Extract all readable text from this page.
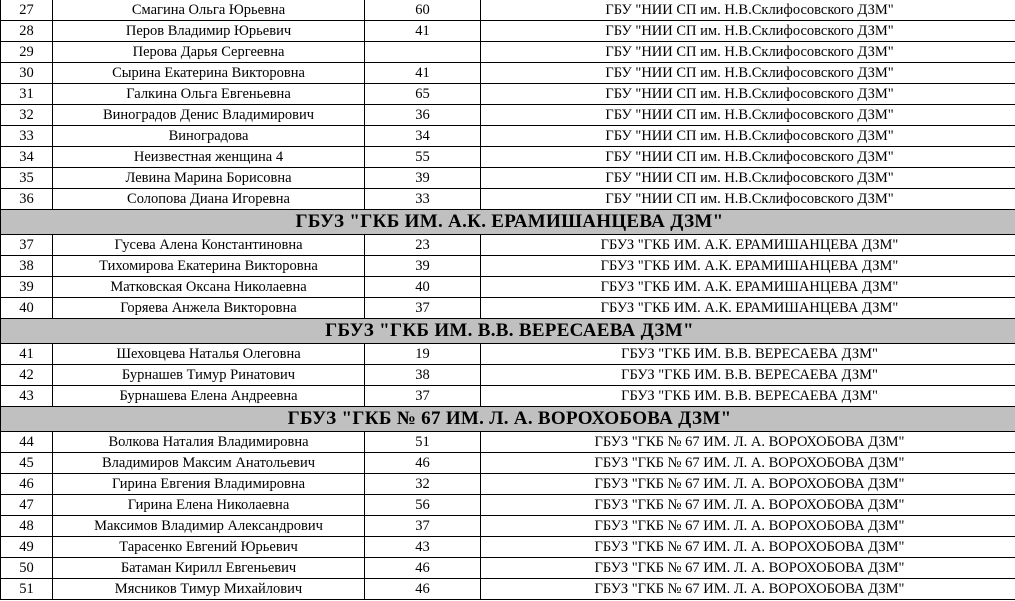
27	Смагина Ольга Юрьевна	60	ГБУ "НИИ СП им. Н.В.Склифосовского ДЗМ"
28	Перов Владимир Юрьевич	41	ГБУ "НИИ СП им. Н.В.Склифосовского ДЗМ"
29	Перова Дарья Сергеевна		ГБУ "НИИ СП им. Н.В.Склифосовского ДЗМ"
30	Сырина Екатерина Викторовна	41	ГБУ "НИИ СП им. Н.В.Склифосовского ДЗМ"
31	Галкина Ольга Евгеньевна	65	ГБУ "НИИ СП им. Н.В.Склифосовского ДЗМ"
32	Виноградов Денис Владимирович	36	ГБУ "НИИ СП им. Н.В.Склифосовского ДЗМ"
33	Виноградова	34	ГБУ "НИИ СП им. Н.В.Склифосовского ДЗМ"
34	Неизвестная женщина 4	55	ГБУ "НИИ СП им. Н.В.Склифосовского ДЗМ"
35	Левина Марина Борисовна	39	ГБУ "НИИ СП им. Н.В.Склифосовского ДЗМ"
36	Солопова Диана Игоревна	33	ГБУ "НИИ СП им. Н.В.Склифосовского ДЗМ"
ГБУЗ "ГКБ ИМ. А.К. ЕРАМИШАНЦЕВА ДЗМ"			
37	Гусева Алена Константиновна	23	ГБУЗ "ГКБ ИМ. А.К. ЕРАМИШАНЦЕВА ДЗМ"
38	Тихомирова Екатерина Викторовна	39	ГБУЗ "ГКБ ИМ. А.К. ЕРАМИШАНЦЕВА ДЗМ"
39	Матковская Оксана Николаевна	40	ГБУЗ "ГКБ ИМ. А.К. ЕРАМИШАНЦЕВА ДЗМ"
40	Горяева Анжела Викторовна	37	ГБУЗ "ГКБ ИМ. А.К. ЕРАМИШАНЦЕВА ДЗМ"
ГБУЗ "ГКБ ИМ. В.В. ВЕРЕСАЕВА ДЗМ"			
41	Шеховцева Наталья Олеговна	19	ГБУЗ "ГКБ ИМ. В.В. ВЕРЕСАЕВА ДЗМ"
42	Бурнашев Тимур Ринатович	38	ГБУЗ "ГКБ ИМ. В.В. ВЕРЕСАЕВА ДЗМ"
43	Бурнашева Елена Андреевна	37	ГБУЗ "ГКБ ИМ. В.В. ВЕРЕСАЕВА ДЗМ"
ГБУЗ "ГКБ № 67 ИМ. Л. А. ВОРОХОБОВА ДЗМ"			
44	Волкова Наталия Владимировна	51	ГБУЗ "ГКБ № 67 ИМ. Л. А. ВОРОХОБОВА ДЗМ"
45	Владимиров Максим Анатольевич	46	ГБУЗ "ГКБ № 67 ИМ. Л. А. ВОРОХОБОВА ДЗМ"
46	Гирина Евгения Владимировна	32	ГБУЗ "ГКБ № 67 ИМ. Л. А. ВОРОХОБОВА ДЗМ"
47	Гирина Елена Николаевна	56	ГБУЗ "ГКБ № 67 ИМ. Л. А. ВОРОХОБОВА ДЗМ"
48	Максимов Владимир Александрович	37	ГБУЗ "ГКБ № 67 ИМ. Л. А. ВОРОХОБОВА ДЗМ"
49	Тарасенко Евгений Юрьевич	43	ГБУЗ "ГКБ № 67 ИМ. Л. А. ВОРОХОБОВА ДЗМ"
50	Батаман Кирилл Евгеньевич	46	ГБУЗ "ГКБ № 67 ИМ. Л. А. ВОРОХОБОВА ДЗМ"
51	Мясников Тимур Михайлович	46	ГБУЗ "ГКБ № 67 ИМ. Л. А. ВОРОХОБОВА ДЗМ"
